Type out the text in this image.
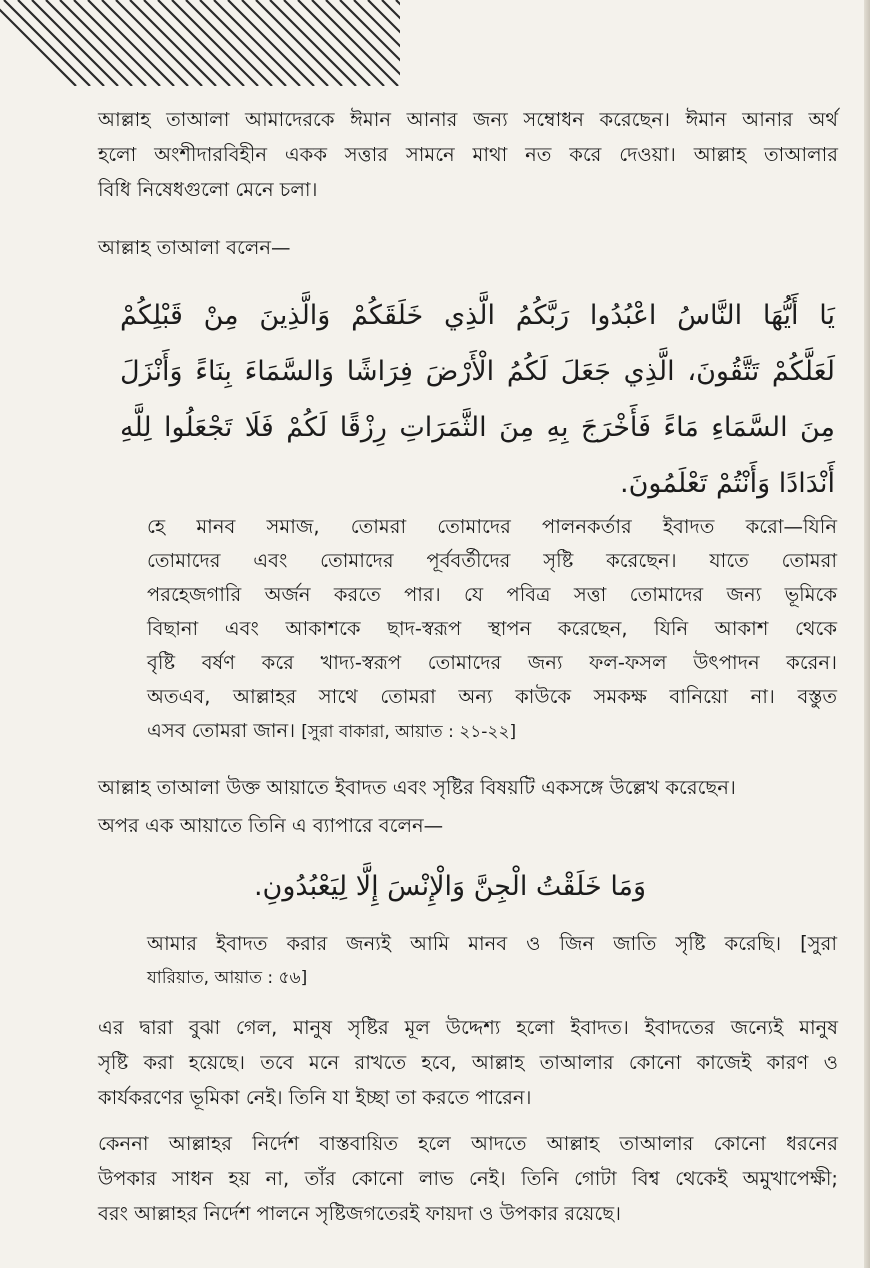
আল্লাহ তাআলা আমাদেরকে ঈমান আনার জন্য সম্বোধন করেছেন। ঈমান আনার অর্থ
হলো অংশীদারবিহীন একক সত্তার সামনে মাথা নত করে দেওয়া। আল্লাহ তাআলার
বিধি নিষেধগুলো মেনে চলা।
আল্লাহ তাআলা বলেন—
يَا أَيُّهَا النَّاسُ اعْبُدُوا رَبَّكُمُ الَّذِي خَلَقَكُمْ وَالَّذِينَ مِنْ قَبْلِكُمْ
لَعَلَّكُمْ تَتَّقُونَ، الَّذِي جَعَلَ لَكُمُ الْأَرْضَ فِرَاشًا وَالسَّمَاءَ بِنَاءً وَأَنْزَلَ
مِنَ السَّمَاءِ مَاءً فَأَخْرَجَ بِهِ مِنَ الثَّمَرَاتِ رِزْقًا لَكُمْ فَلَا تَجْعَلُوا لِلَّهِ
أَنْدَادًا وَأَنْتُمْ تَعْلَمُونَ.
হে মানব সমাজ, তোমরা তোমাদের পালনকর্তার ইবাদত করো—যিনি
তোমাদের এবং তোমাদের পূর্ববর্তীদের সৃষ্টি করেছেন। যাতে তোমরা
পরহেজগারি অর্জন করতে পার। যে পবিত্র সত্তা তোমাদের জন্য ভূমিকে
বিছানা এবং আকাশকে ছাদ-স্বরূপ স্থাপন করেছেন, যিনি আকাশ থেকে
বৃষ্টি বর্ষণ করে খাদ্য-স্বরূপ তোমাদের জন্য ফল-ফসল উৎপাদন করেন।
অতএব, আল্লাহর সাথে তোমরা অন্য কাউকে সমকক্ষ বানিয়ো না। বস্তুত
এসব তোমরা জান। [সুরা বাকারা, আয়াত : ২১-২২]
আল্লাহ তাআলা উক্ত আয়াতে ইবাদত এবং সৃষ্টির বিষয়টি একসঙ্গে উল্লেখ করেছেন।
অপর এক আয়াতে তিনি এ ব্যাপারে বলেন—
وَمَا خَلَقْتُ الْجِنَّ وَالْإِنْسَ إِلَّا لِيَعْبُدُونِ.
আমার ইবাদত করার জন্যই আমি মানব ও জিন জাতি সৃষ্টি করেছি। [সুরা
যারিয়াত, আয়াত : ৫৬]
এর দ্বারা বুঝা গেল, মানুষ সৃষ্টির মূল উদ্দেশ্য হলো ইবাদত। ইবাদতের জন্যেই মানুষ
সৃষ্টি করা হয়েছে। তবে মনে রাখতে হবে, আল্লাহ তাআলার কোনো কাজেই কারণ ও
কার্যকরণের ভূমিকা নেই। তিনি যা ইচ্ছা তা করতে পারেন।
কেননা আল্লাহর নির্দেশ বাস্তবায়িত হলে আদতে আল্লাহ তাআলার কোনো ধরনের
উপকার সাধন হয় না, তাঁর কোনো লাভ নেই। তিনি গোটা বিশ্ব থেকেই অমুখাপেক্ষী;
বরং আল্লাহর নির্দেশ পালনে সৃষ্টিজগতেরই ফায়দা ও উপকার রয়েছে।
